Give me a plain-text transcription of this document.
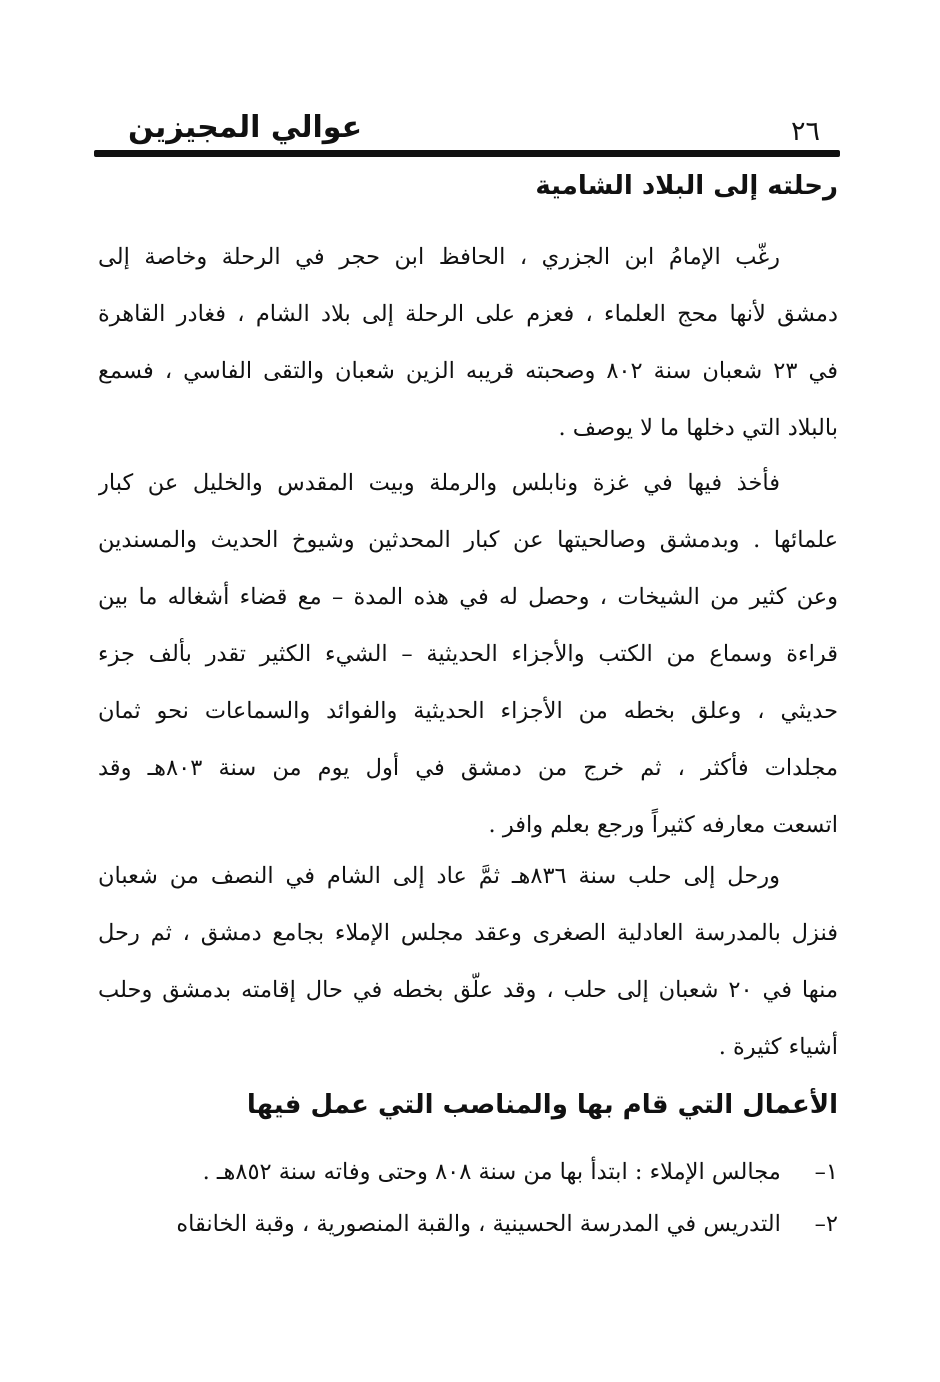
عوالي المجيزين	٢٦
رحلته إلى البلاد الشامية

رغّب الإمامُ ابن الجزري ، الحافظ ابن حجر في الرحلة وخاصة إلى
دمشق لأنها محج العلماء ، فعزم على الرحلة إلى بلاد الشام ، فغادر القاهرة
في ٢٣ شعبان سنة ٨٠٢ وصحبته قريبه الزين شعبان والتقى الفاسي ، فسمع
بالبلاد التي دخلها ما لا يوصف .

فأخذ فيها في غزة ونابلس والرملة وبيت المقدس والخليل عن كبار
علمائها . وبدمشق وصالحيتها عن كبار المحدثين وشيوخ الحديث والمسندين
وعن كثير من الشيخات ، وحصل له في هذه المدة – مع قضاء أشغاله ما بين
قراءة وسماع من الكتب والأجزاء الحديثية – الشيء الكثير تقدر بألف جزء
حديثي ، وعلق بخطه من الأجزاء الحديثية والفوائد والسماعات نحو ثمان
مجلدات فأكثر ، ثم خرج من دمشق في أول يوم من سنة ٨٠٣هـ وقد
اتسعت معارفه كثيراً ورجع بعلم وافر .

ورحل إلى حلب سنة ٨٣٦هـ ثمَّ عاد إلى الشام في النصف من شعبان
فنزل بالمدرسة العادلية الصغرى وعقد مجلس الإملاء بجامع دمشق ، ثم رحل
منها في ٢٠ شعبان إلى حلب ، وقد علّق بخطه في حال إقامته بدمشق وحلب
أشياء كثيرة .

الأعمال التي قام بها والمناصب التي عمل فيها
١– مجالس الإملاء : ابتدأ بها من سنة ٨٠٨ وحتى وفاته سنة ٨٥٢هـ .
٢– التدريس في المدرسة الحسينية ، والقبة المنصورية ، وقبة الخانقاه
